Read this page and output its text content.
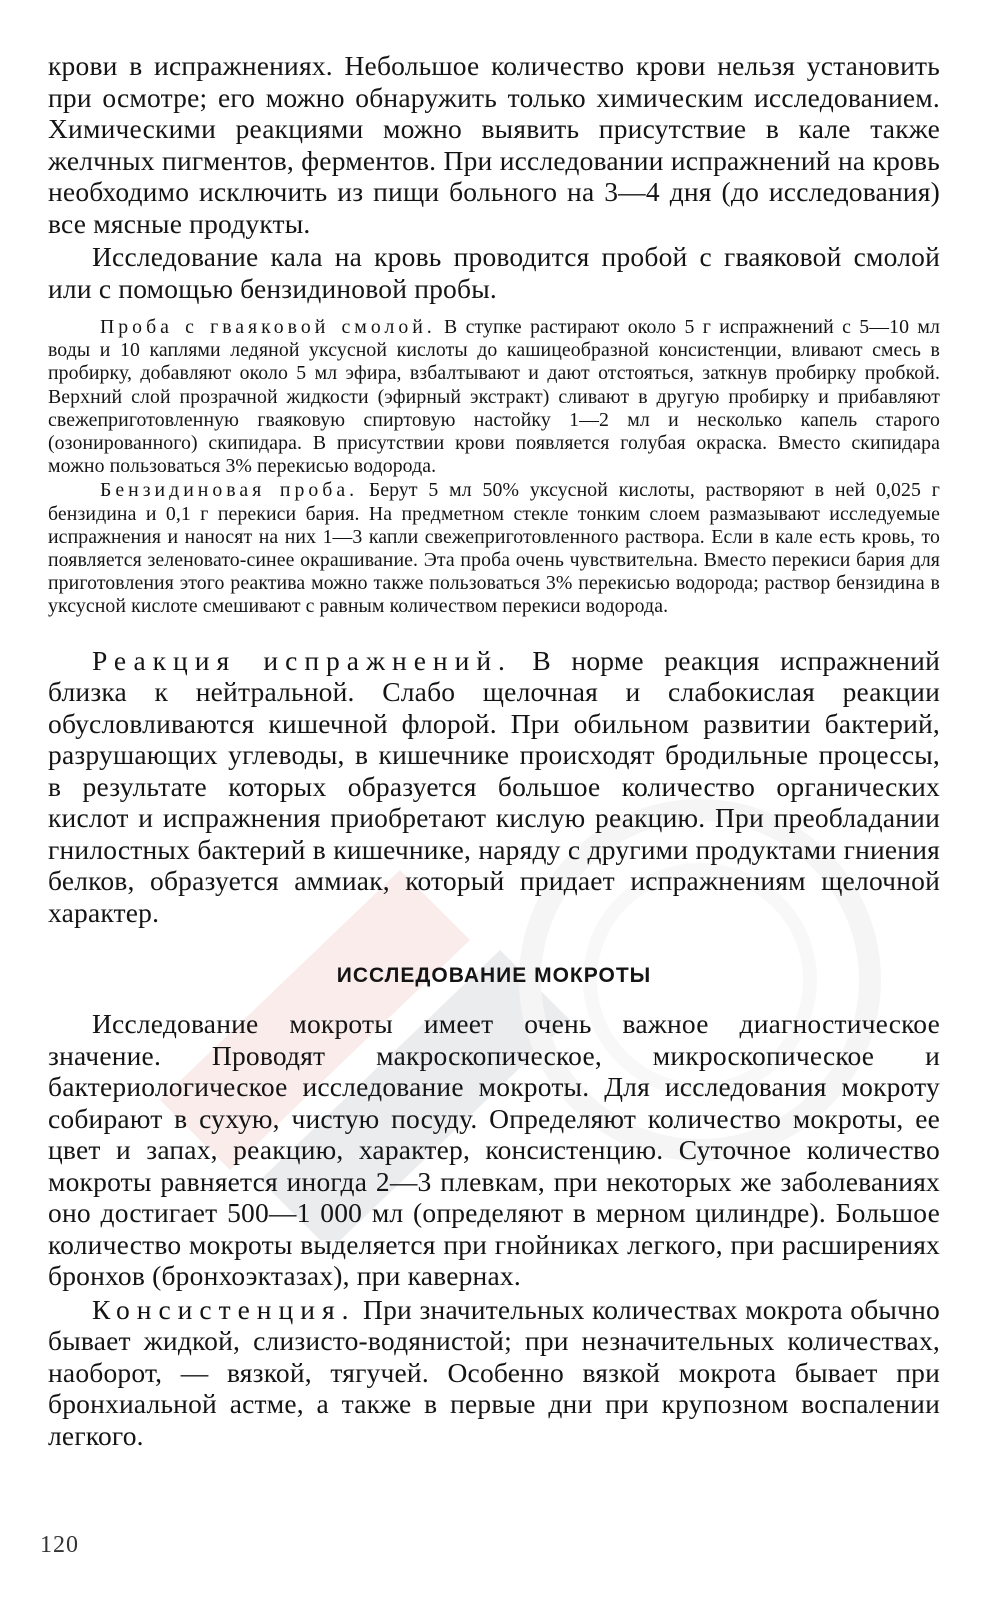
крови в испражнениях. Небольшое количество крови нельзя установить при осмотре; его можно обнаружить только химическим исследованием. Химическими реакциями можно выявить присутствие в кале также желчных пигментов, ферментов. При исследовании испражнений на кровь необходимо исключить из пищи больного на 3—4 дня (до исследования) все мясные продукты.

Исследование кала на кровь проводится пробой с гваяковой смолой или с помощью бензидиновой пробы.

Проба с гваяковой смолой. В ступке растирают около 5 г испражнений с 5—10 мл воды и 10 каплями ледяной уксусной кислоты до кашицеобразной консистенции, вливают смесь в пробирку, добавляют около 5 мл эфира, взбалтывают и дают отстояться, заткнув пробирку пробкой. Верхний слой прозрачной жидкости (эфирный экстракт) сливают в другую пробирку и прибавляют свежеприготовленную гваяковую спиртовую настойку 1—2 мл и несколько капель старого (озонированного) скипидара. В присутствии крови появляется голубая окраска. Вместо скипидара можно пользоваться 3% перекисью водорода.

Бензидиновая проба. Берут 5 мл 50% уксусной кислоты, растворяют в ней 0,025 г бензидина и 0,1 г перекиси бария. На предметном стекле тонким слоем размазывают исследуемые испражнения и наносят на них 1—3 капли свежеприготовленного раствора. Если в кале есть кровь, то появляется зеленовато-синее окрашивание. Эта проба очень чувствительна. Вместо перекиси бария для приготовления этого реактива можно также пользоваться 3% перекисью водорода; раствор бензидина в уксусной кислоте смешивают с равным количеством перекиси водорода.

Реакция испражнений. В норме реакция испражнений близка к нейтральной. Слабо щелочная и слабокислая реакции обусловливаются кишечной флорой. При обильном развитии бактерий, разрушающих углеводы, в кишечнике происходят бродильные процессы, в результате которых образуется большое количество органических кислот и испражнения приобретают кислую реакцию. При преобладании гнилостных бактерий в кишечнике, наряду с другими продуктами гниения белков, образуется аммиак, который придает испражнениям щелочной характер.

ИССЛЕДОВАНИЕ МОКРОТЫ

Исследование мокроты имеет очень важное диагностическое значение. Проводят макроскопическое, микроскопическое и бактериологическое исследование мокроты. Для исследования мокроту собирают в сухую, чистую посуду. Определяют количество мокроты, ее цвет и запах, реакцию, характер, консистенцию. Суточное количество мокроты равняется иногда 2—3 плевкам, при некоторых же заболеваниях оно достигает 500—1 000 мл (определяют в мерном цилиндре). Большое количество мокроты выделяется при гнойниках легкого, при расширениях бронхов (бронхоэктазах), при кавернах.

Консистенция. При значительных количествах мокрота обычно бывает жидкой, слизисто-водянистой; при незначительных количествах, наоборот, — вязкой, тягучей. Особенно вязкой мокрота бывает при бронхиальной астме, а также в первые дни при крупозном воспалении легкого.

120
